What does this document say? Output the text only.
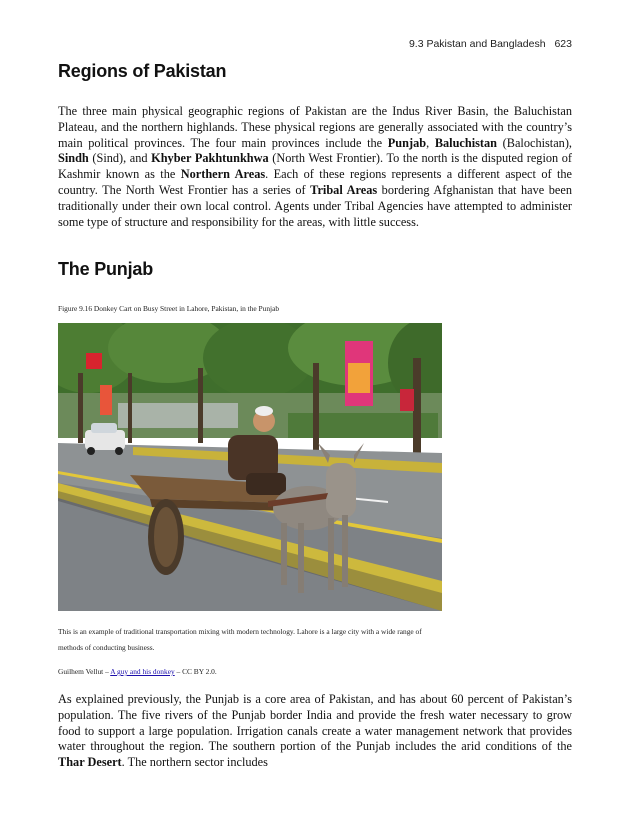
9.3 Pakistan and Bangladesh 623
Regions of Pakistan

The three main physical geographic regions of Pakistan are the Indus River Basin, the Baluchistan Plateau, and the northern highlands. These physical regions are generally associated with the country’s main political provinces. The four main provinces include the Punjab, Baluchistan (Balochistan), Sindh (Sind), and Khyber Pakhtunkhwa (North West Frontier). To the north is the disputed region of Kashmir known as the Northern Areas. Each of these regions represents a different aspect of the country. The North West Frontier has a series of Tribal Areas bordering Afghanistan that have been traditionally under their own local control. Agents under Tribal Agencies have attempted to administer some type of structure and responsibility for the areas, with little success.

The Punjab

Figure 9.16 Donkey Cart on Busy Street in Lahore, Pakistan, in the Punjab

This is an example of traditional transportation mixing with modern technology. Lahore is a large city with a wide range of methods of conducting business.

Guilhem Vellut – A guy and his donkey – CC BY 2.0.

As explained previously, the Punjab is a core area of Pakistan, and has about 60 percent of Pakistan’s population. The five rivers of the Punjab border India and provide the fresh water necessary to grow food to support a large population. Irrigation canals create a water management network that provides water throughout the region. The southern portion of the Punjab includes the arid conditions of the Thar Desert. The northern sector includes
